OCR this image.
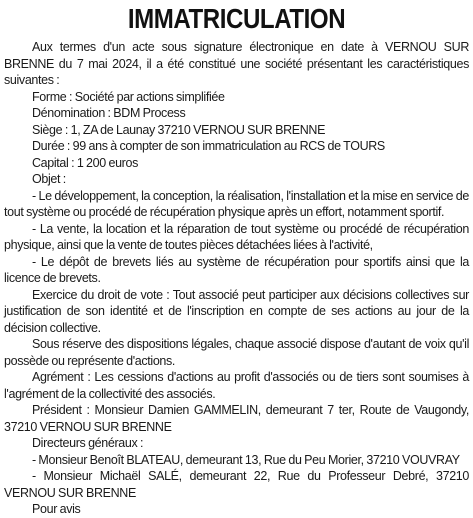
IMMATRICULATION

Aux termes d'un acte sous signature électronique en date à VERNOU SUR BRENNE du 7 mai 2024, il a été constitué une société présentant les caractéristiques suivantes :

Forme : Société par actions simplifiée

Dénomination : BDM Process

Siège : 1, ZA de Launay 37210 VERNOU SUR BRENNE

Durée : 99 ans à compter de son immatriculation au RCS de TOURS

Capital : 1 200 euros

Objet :

- Le développement, la conception, la réalisation, l'installation et la mise en service de tout système ou procédé de récupération physique après un effort, notamment sportif.

- La vente, la location et la réparation de tout système ou procédé de récupération physique, ainsi que la vente de toutes pièces détachées liées à l'activité,

- Le dépôt de brevets liés au système de récupération pour sportifs ainsi que la licence de brevets.

Exercice du droit de vote : Tout associé peut participer aux décisions collectives sur justification de son identité et de l'inscription en compte de ses actions au jour de la décision collective.

Sous réserve des dispositions légales, chaque associé dispose d'autant de voix qu'il possède ou représente d'actions.

Agrément : Les cessions d'actions au profit d'associés ou de tiers sont soumises à l'agrément de la collectivité des associés.

Président : Monsieur Damien GAMMELIN, demeurant 7 ter, Route de Vaugondy, 37210 VERNOU SUR BRENNE

Directeurs généraux :

- Monsieur Benoît BLATEAU, demeurant 13, Rue du Peu Morier, 37210 VOUVRAY

- Monsieur Michaël SALÉ, demeurant 22, Rue du Professeur Debré, 37210 VERNOU SUR BRENNE

Pour avis
